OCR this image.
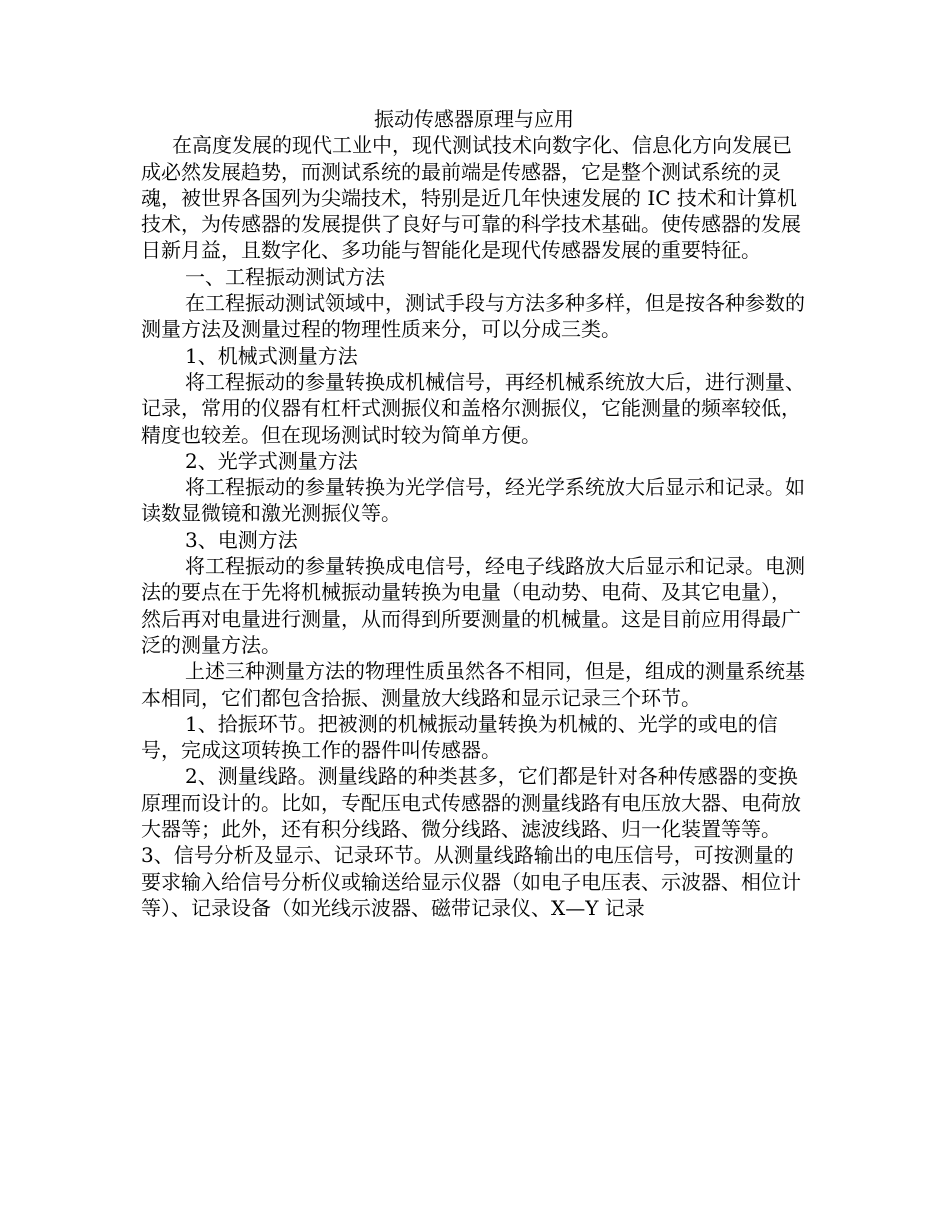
振动传感器原理与应用

在高度发展的现代工业中，现代测试技术向数字化、信息化方向发展已成必然发展趋势，而测试系统的最前端是传感器，它是整个测试系统的灵魂，被世界各国列为尖端技术，特别是近几年快速发展的 IC 技术和计算机技术，为传感器的发展提供了良好与可靠的科学技术基础。使传感器的发展日新月益，且数字化、多功能与智能化是现代传感器发展的重要特征。

一、工程振动测试方法

在工程振动测试领域中，测试手段与方法多种多样，但是按各种参数的测量方法及测量过程的物理性质来分，可以分成三类。

1、机械式测量方法

将工程振动的参量转换成机械信号，再经机械系统放大后，进行测量、记录，常用的仪器有杠杆式测振仪和盖格尔测振仪，它能测量的频率较低，精度也较差。但在现场测试时较为简单方便。

2、光学式测量方法

将工程振动的参量转换为光学信号，经光学系统放大后显示和记录。如读数显微镜和激光测振仪等。

3、电测方法

将工程振动的参量转换成电信号，经电子线路放大后显示和记录。电测法的要点在于先将机械振动量转换为电量（电动势、电荷、及其它电量），然后再对电量进行测量，从而得到所要测量的机械量。这是目前应用得最广泛的测量方法。

上述三种测量方法的物理性质虽然各不相同，但是，组成的测量系统基本相同，它们都包含拾振、测量放大线路和显示记录三个环节。

1、拾振环节。把被测的机械振动量转换为机械的、光学的或电的信号，完成这项转换工作的器件叫传感器。

2、测量线路。测量线路的种类甚多，它们都是针对各种传感器的变换原理而设计的。比如，专配压电式传感器的测量线路有电压放大器、电荷放大器等；此外，还有积分线路、微分线路、滤波线路、归一化装置等等。

3、信号分析及显示、记录环节。从测量线路输出的电压信号，可按测量的要求输入给信号分析仪或输送给显示仪器（如电子电压表、示波器、相位计等）、记录设备（如光线示波器、磁带记录仪、X—Y 记录
